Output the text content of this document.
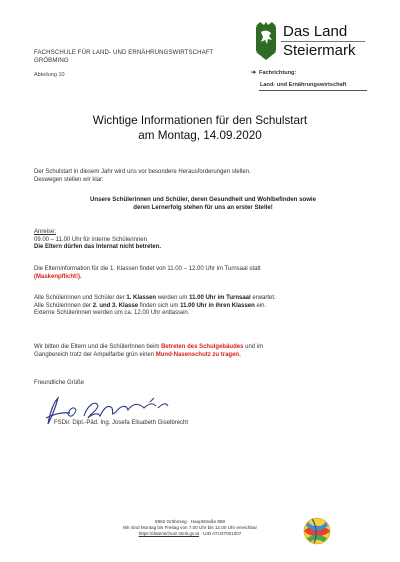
Das Land
Steiermark
FACHSCHULE FÜR LAND- UND ERNÄHRUNGSWIRTSCHAFT
GRÖBMING
Abteilung 10	➔ Fachrichtung:
Land- und Ernährungswirtschaft
Wichtige Informationen für den Schulstart
am Montag, 14.09.2020
Der Schulstart in diesem Jahr wird uns vor besondere Herausforderungen stellen.
Deswegen stellen wir klar:
Unsere Schülerinnen und Schüler, deren Gesundheit und Wohlbefinden sowie
deren Lernerfolg stehen für uns an erster Stelle!
Anreise:
09.00 – 11.00 Uhr für interne Schülerinnen
Die Eltern dürfen das Internat nicht betreten.
Die Elterninformation für die 1. Klassen findet von 11.00 – 12.00 Uhr im Turnsaal statt
(Maskenpflicht!).
Alle Schülerinnen und Schüler der 1. Klassen werden um 11.00 Uhr im Turnsaal erwartet.
Alle Schülerinnen der 2. und 3. Klasse finden sich um 11.00 Uhr in ihren Klassen ein.
Externe Schülerinnen werden um ca. 12.00 Uhr entlassen.
Wir bitten die Eltern und die SchülerInnen beim Betreten des Schulgebäudes und im
Gangbereich trotz der Ampelfarbe grün einen Mund-Nasenschutz zu tragen.
Freundliche Grüße
FSDir. Dipl.-Päd. Ing. Josefa Elisabeth Giselbrecht
8962 Gröbming · Hauptstraße 868
Wir sind Montag bis Freitag von 7.00 Uhr bis 12.00 Uhr erreichbar
https://datenschutz.stmk.gv.at · UID ATU37001007
